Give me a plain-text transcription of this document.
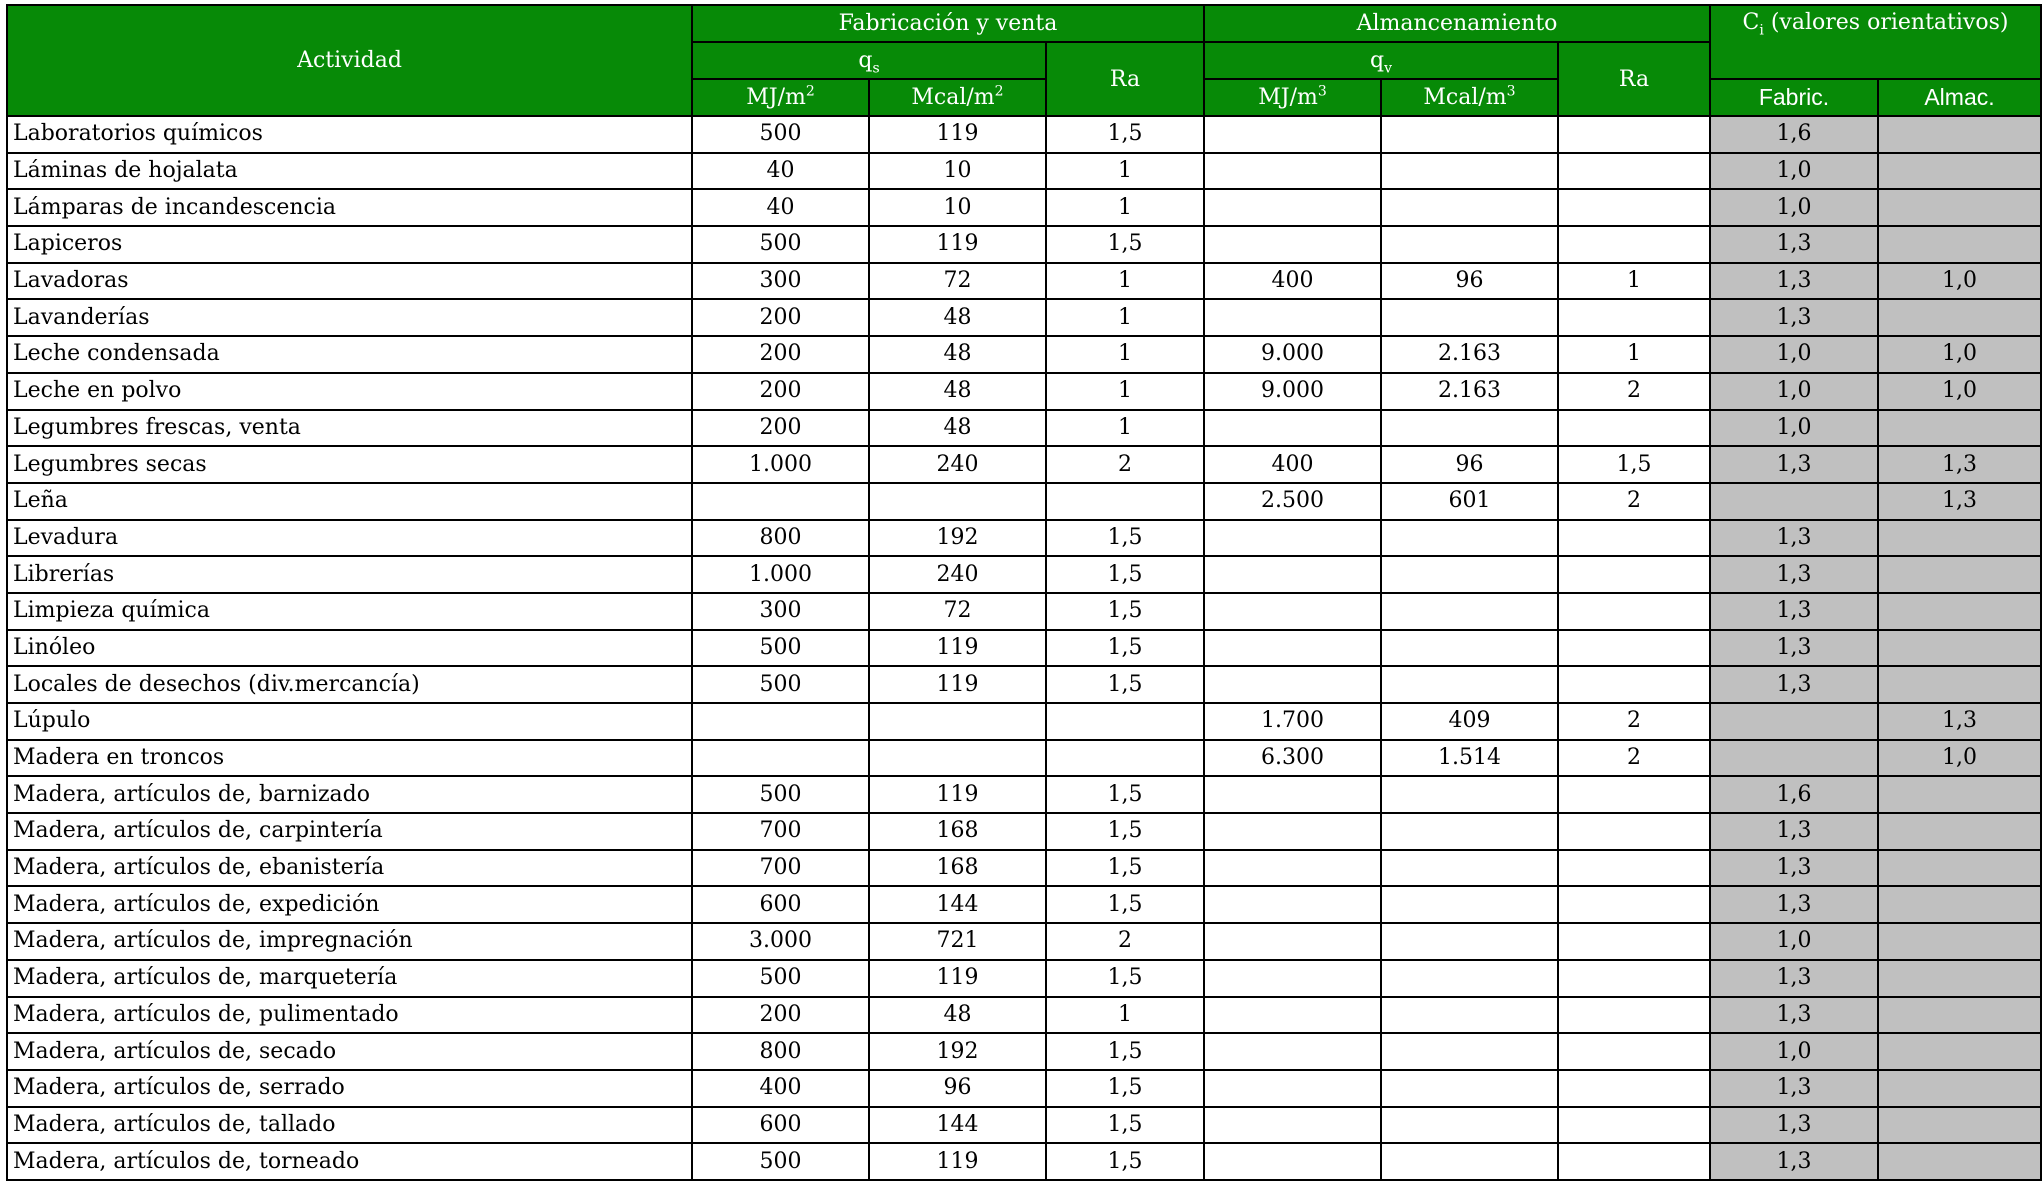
Actividad	Fabricación y venta			Almancenamiento			$C_i$ (valores orientativos)	
	$q_s$		Ra	$q_v$		Ra		
	$MJ/m^2$	Mcal/$m^2$		$MJ/m^3$	Mcal/$m^3$		Fabric.	Almac.
Laboratorios químicos	500	119	1,5				1,6	
Láminas de hojalata	40	10	1				1,0	
Lámparas de incandescencia	40	10	1				1,0	
Lapiceros	500	119	1,5				1,3	
Lavadoras	300	72	1	400	96	1	1,3	1,0
Lavanderías	200	48	1				1,3	
Leche condensada	200	48	1	9.000	2.163	1	1,0	1,0
Leche en polvo	200	48	1	9.000	2.163	2	1,0	1,0
Legumbres frescas, venta	200	48	1				1,0	
Legumbres secas	1.000	240	2	400	96	1,5	1,3	1,3
Leña				2.500	601	2		1,3
Levadura	800	192	1,5				1,3	
Librerías	1.000	240	1,5				1,3	
Limpieza química	300	72	1,5				1,3	
Linóleo	500	119	1,5				1,3	
Locales de desechos (div.mercancía)	500	119	1,5				1,3	
Lúpulo				1.700	409	2		1,3
Madera en troncos				6.300	1.514	2		1,0
Madera, artículos de, barnizado	500	119	1,5				1,6	
Madera, artículos de, carpintería	700	168	1,5				1,3	
Madera, artículos de, ebanistería	700	168	1,5				1,3	
Madera, artículos de, expedición	600	144	1,5				1,3	
Madera, artículos de, impregnación	3.000	721	2				1,0	
Madera, artículos de, marquetería	500	119	1,5				1,3	
Madera, artículos de, pulimentado	200	48	1				1,3	
Madera, artículos de, secado	800	192	1,5				1,0	
Madera, artículos de, serrado	400	96	1,5				1,3	
Madera, artículos de, tallado	600	144	1,5				1,3	
Madera, artículos de, torneado	500	119	1,5				1,3	
